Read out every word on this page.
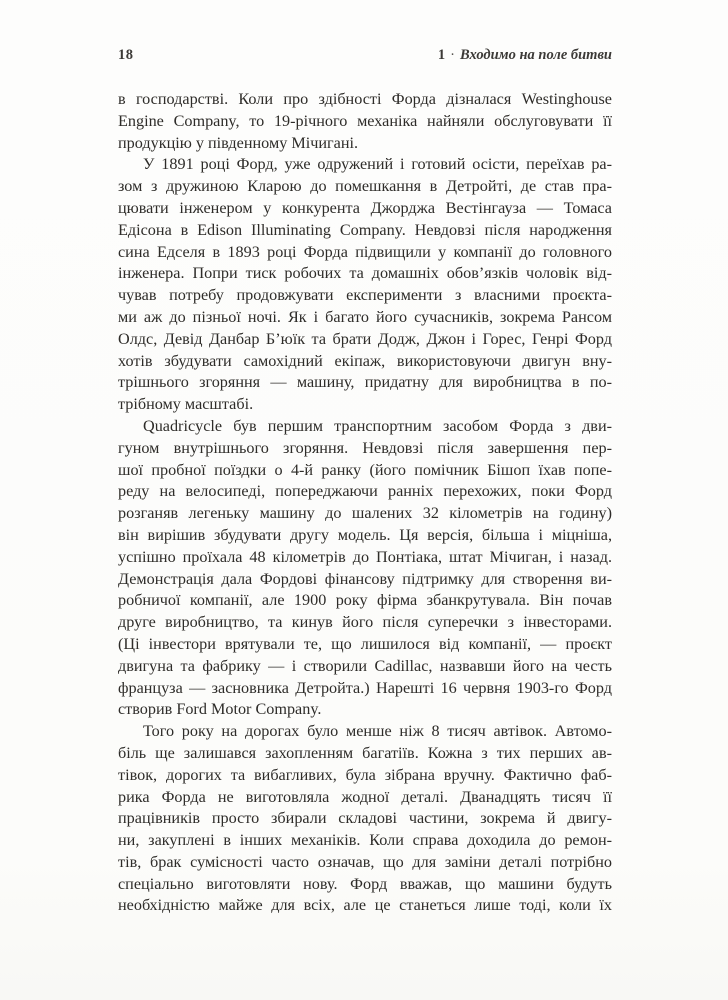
18	1 · Входимо на поле битви
в господарстві. Коли про здібності Форда дізналася Westinghouse
Engine Company, то 19-річного механіка найняли обслуговувати її
продукцію у південному Мічигані.
У 1891 році Форд, уже одружений і готовий осісти, переїхав ра-
зом з дружиною Кларою до помешкання в Детройті, де став пра-
цювати інженером у конкурента Джорджа Вестінгауза — Томаса
Едісона в Edison Illuminating Company. Невдовзі після народження
сина Едселя в 1893 році Форда підвищили у компанії до головного
інженера. Попри тиск робочих та домашніх обов’язків чоловік від-
чував потребу продовжувати експерименти з власними проєкта-
ми аж до пізньої ночі. Як і багато його сучасників, зокрема Рансом
Олдс, Девід Данбар Б’юїк та брати Додж, Джон і Горес, Генрі Форд
хотів збудувати самохідний екіпаж, використовуючи двигун вну-
трішнього згоряння — машину, придатну для виробництва в по-
трібному масштабі.
Quadricycle був першим транспортним засобом Форда з дви-
гуном внутрішнього згоряння. Невдовзі після завершення пер-
шої пробної поїздки о 4-й ранку (його помічник Бішоп їхав попе-
реду на велосипеді, попереджаючи ранніх перехожих, поки Форд
розганяв легеньку машину до шалених 32 кілометрів на годину)
він вирішив збудувати другу модель. Ця версія, більша і міцніша,
успішно проїхала 48 кілометрів до Понтіака, штат Мічиган, і назад.
Демонстрація дала Фордові фінансову підтримку для створення ви-
робничої компанії, але 1900 року фірма збанкрутувала. Він почав
друге виробництво, та кинув його після суперечки з інвесторами.
(Ці інвестори врятували те, що лишилося від компанії, — проєкт
двигуна та фабрику — і створили Cadillac, назвавши його на честь
француза — засновника Детройта.) Нарешті 16 червня 1903-го Форд
створив Ford Motor Company.
Того року на дорогах було менше ніж 8 тисяч автівок. Автомо-
біль ще залишався захопленням багатіїв. Кожна з тих перших ав-
тівок, дорогих та вибагливих, була зібрана вручну. Фактично фаб-
рика Форда не виготовляла жодної деталі. Дванадцять тисяч її
працівників просто збирали складові частини, зокрема й двигу-
ни, закуплені в інших механіків. Коли справа доходила до ремон-
тів, брак сумісності часто означав, що для заміни деталі потрібно
спеціально виготовляти нову. Форд вважав, що машини будуть
необхідністю майже для всіх, але це станеться лише тоді, коли їх
